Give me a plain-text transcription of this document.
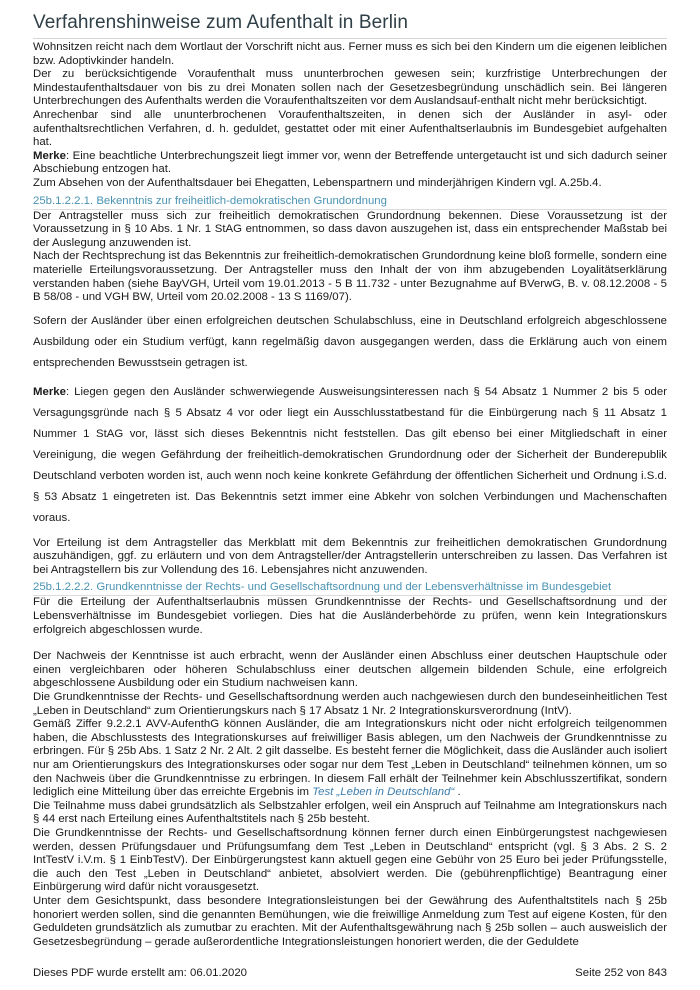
Verfahrenshinweise zum Aufenthalt in Berlin

Wohnsitzen reicht nach dem Wortlaut der Vorschrift nicht aus. Ferner muss es sich bei den Kindern um die eigenen leiblichen bzw. Adoptivkinder handeln.

Der zu berücksichtigende Voraufenthalt muss ununterbrochen gewesen sein; kurzfristige Unterbrechungen der Mindestaufenthaltsdauer von bis zu drei Monaten sollen nach der Gesetzesbegründung unschädlich sein. Bei längeren Unterbrechungen des Aufenthalts werden die Voraufenthaltszeiten vor dem Auslandsauf-enthalt nicht mehr berücksichtigt.

Anrechenbar sind alle ununterbrochenen Voraufenthaltszeiten, in denen sich der Ausländer in asyl- oder aufenthaltsrechtlichen Verfahren, d. h. geduldet, gestattet oder mit einer Aufenthaltserlaubnis im Bundesgebiet aufgehalten hat.

Merke: Eine beachtliche Unterbrechungszeit liegt immer vor, wenn der Betreffende untergetaucht ist und sich dadurch seiner Abschiebung entzogen hat.

Zum Absehen von der Aufenthaltsdauer bei Ehegatten, Lebenspartnern und minderjährigen Kindern vgl. A.25b.4.

25b.1.2.2.1. Bekenntnis zur freiheitlich-demokratischen Grundordnung

Der Antragsteller muss sich zur freiheitlich demokratischen Grundordnung bekennen. Diese Voraussetzung ist der Voraussetzung in § 10 Abs. 1 Nr. 1 StAG entnommen, so dass davon auszugehen ist, dass ein entsprechender Maßstab bei der Auslegung anzuwenden ist.

Nach der Rechtsprechung ist das Bekenntnis zur freiheitlich-demokratischen Grundordnung keine bloß formelle, sondern eine materielle Erteilungsvoraussetzung. Der Antragsteller muss den Inhalt der von ihm abzugebenden Loyalitätserklärung verstanden haben (siehe BayVGH, Urteil vom 19.01.2013 - 5 B 11.732 - unter Bezugnahme auf BVerwG, B. v. 08.12.2008 - 5 B 58/08 - und VGH BW, Urteil vom 20.02.2008 - 13 S 1169/07).

Sofern der Ausländer über einen erfolgreichen deutschen Schulabschluss, eine in Deutschland erfolgreich abgeschlossene Ausbildung oder ein Studium verfügt, kann regelmäßig davon ausgegangen werden, dass die Erklärung auch von einem entsprechenden Bewusstsein getragen ist.

Merke: Liegen gegen den Ausländer schwerwiegende Ausweisungsinteressen nach § 54 Absatz 1 Nummer 2 bis 5 oder Versagungsgründe nach § 5 Absatz 4 vor oder liegt ein Ausschlusstatbestand für die Einbürgerung nach § 11 Absatz 1 Nummer 1 StAG vor, lässt sich dieses Bekenntnis nicht feststellen. Das gilt ebenso bei einer Mitgliedschaft in einer Vereinigung, die wegen Gefährdung der freiheitlich-demokratischen Grundordnung oder der Sicherheit der Bunderepublik Deutschland verboten worden ist, auch wenn noch keine konkrete Gefährdung der öffentlichen Sicherheit und Ordnung i.S.d. § 53 Absatz 1 eingetreten ist. Das Bekenntnis setzt immer eine Abkehr von solchen Verbindungen und Machenschaften voraus.

Vor Erteilung ist dem Antragsteller das Merkblatt mit dem Bekenntnis zur freiheitlichen demokratischen Grundordnung auszuhändigen, ggf. zu erläutern und von dem Antragsteller/der Antragstellerin unterschreiben zu lassen. Das Verfahren ist bei Antragstellern bis zur Vollendung des 16. Lebensjahres nicht anzuwenden.

25b.1.2.2.2. Grundkenntnisse der Rechts- und Gesellschaftsordnung und der Lebensverhältnisse im Bundesgebiet

Für die Erteilung der Aufenthaltserlaubnis müssen Grundkenntnisse der Rechts- und Gesellschaftsordnung und der Lebensverhältnisse im Bundesgebiet vorliegen. Dies hat die Ausländerbehörde zu prüfen, wenn kein Integrationskurs erfolgreich abgeschlossen wurde.

Der Nachweis der Kenntnisse ist auch erbracht, wenn der Ausländer einen Abschluss einer deutschen Hauptschule oder einen vergleichbaren oder höheren Schulabschluss einer deutschen allgemein bildenden Schule, eine erfolgreich abgeschlossene Ausbildung oder ein Studium nachweisen kann.

Die Grundkenntnisse der Rechts- und Gesellschaftsordnung werden auch nachgewiesen durch den bundeseinheitlichen Test „Leben in Deutschland“ zum Orientierungskurs nach § 17 Absatz 1 Nr. 2 Integrationskursverordnung (IntV).

Gemäß Ziffer 9.2.2.1 AVV-AufenthG können Ausländer, die am Integrationskurs nicht oder nicht erfolgreich teilgenommen haben, die Abschlusstests des Integrationskurses auf freiwilliger Basis ablegen, um den Nachweis der Grundkenntnisse zu erbringen. Für § 25b Abs. 1 Satz 2 Nr. 2 Alt. 2 gilt dasselbe. Es besteht ferner die Möglichkeit, dass die Ausländer auch isoliert nur am Orientierungskurs des Integrationskurses oder sogar nur dem Test „Leben in Deutschland“ teilnehmen können, um so den Nachweis über die Grundkenntnisse zu erbringen. In diesem Fall erhält der Teilnehmer kein Abschlusszertifikat, sondern lediglich eine Mitteilung über das erreichte Ergebnis im Test „Leben in Deutschland“ .

Die Teilnahme muss dabei grundsätzlich als Selbstzahler erfolgen, weil ein Anspruch auf Teilnahme am Integrationskurs nach § 44 erst nach Erteilung eines Aufenthaltstitels nach § 25b besteht.

Die Grundkenntnisse der Rechts- und Gesellschaftsordnung können ferner durch einen Einbürgerungstest nachgewiesen werden, dessen Prüfungsdauer und Prüfungsumfang dem Test „Leben in Deutschland“ entspricht (vgl. § 3 Abs. 2 S. 2 IntTestV i.V.m. § 1 EinbTestV). Der Einbürgerungstest kann aktuell gegen eine Gebühr von 25 Euro bei jeder Prüfungsstelle, die auch den Test „Leben in Deutschland“ anbietet, absolviert werden. Die (gebührenpflichtige) Beantragung einer Einbürgerung wird dafür nicht vorausgesetzt.

Unter dem Gesichtspunkt, dass besondere Integrationsleistungen bei der Gewährung des Aufenthaltstitels nach § 25b honoriert werden sollen, sind die genannten Bemühungen, wie die freiwillige Anmeldung zum Test auf eigene Kosten, für den Geduldeten grundsätzlich als zumutbar zu erachten. Mit der Aufenthaltsgewährung nach § 25b sollen – auch ausweislich der Gesetzesbegründung – gerade außerordentliche Integrationsleistungen honoriert werden, die der Geduldete

Dieses PDF wurde erstellt am: 06.01.2020	Seite 252 von 843
